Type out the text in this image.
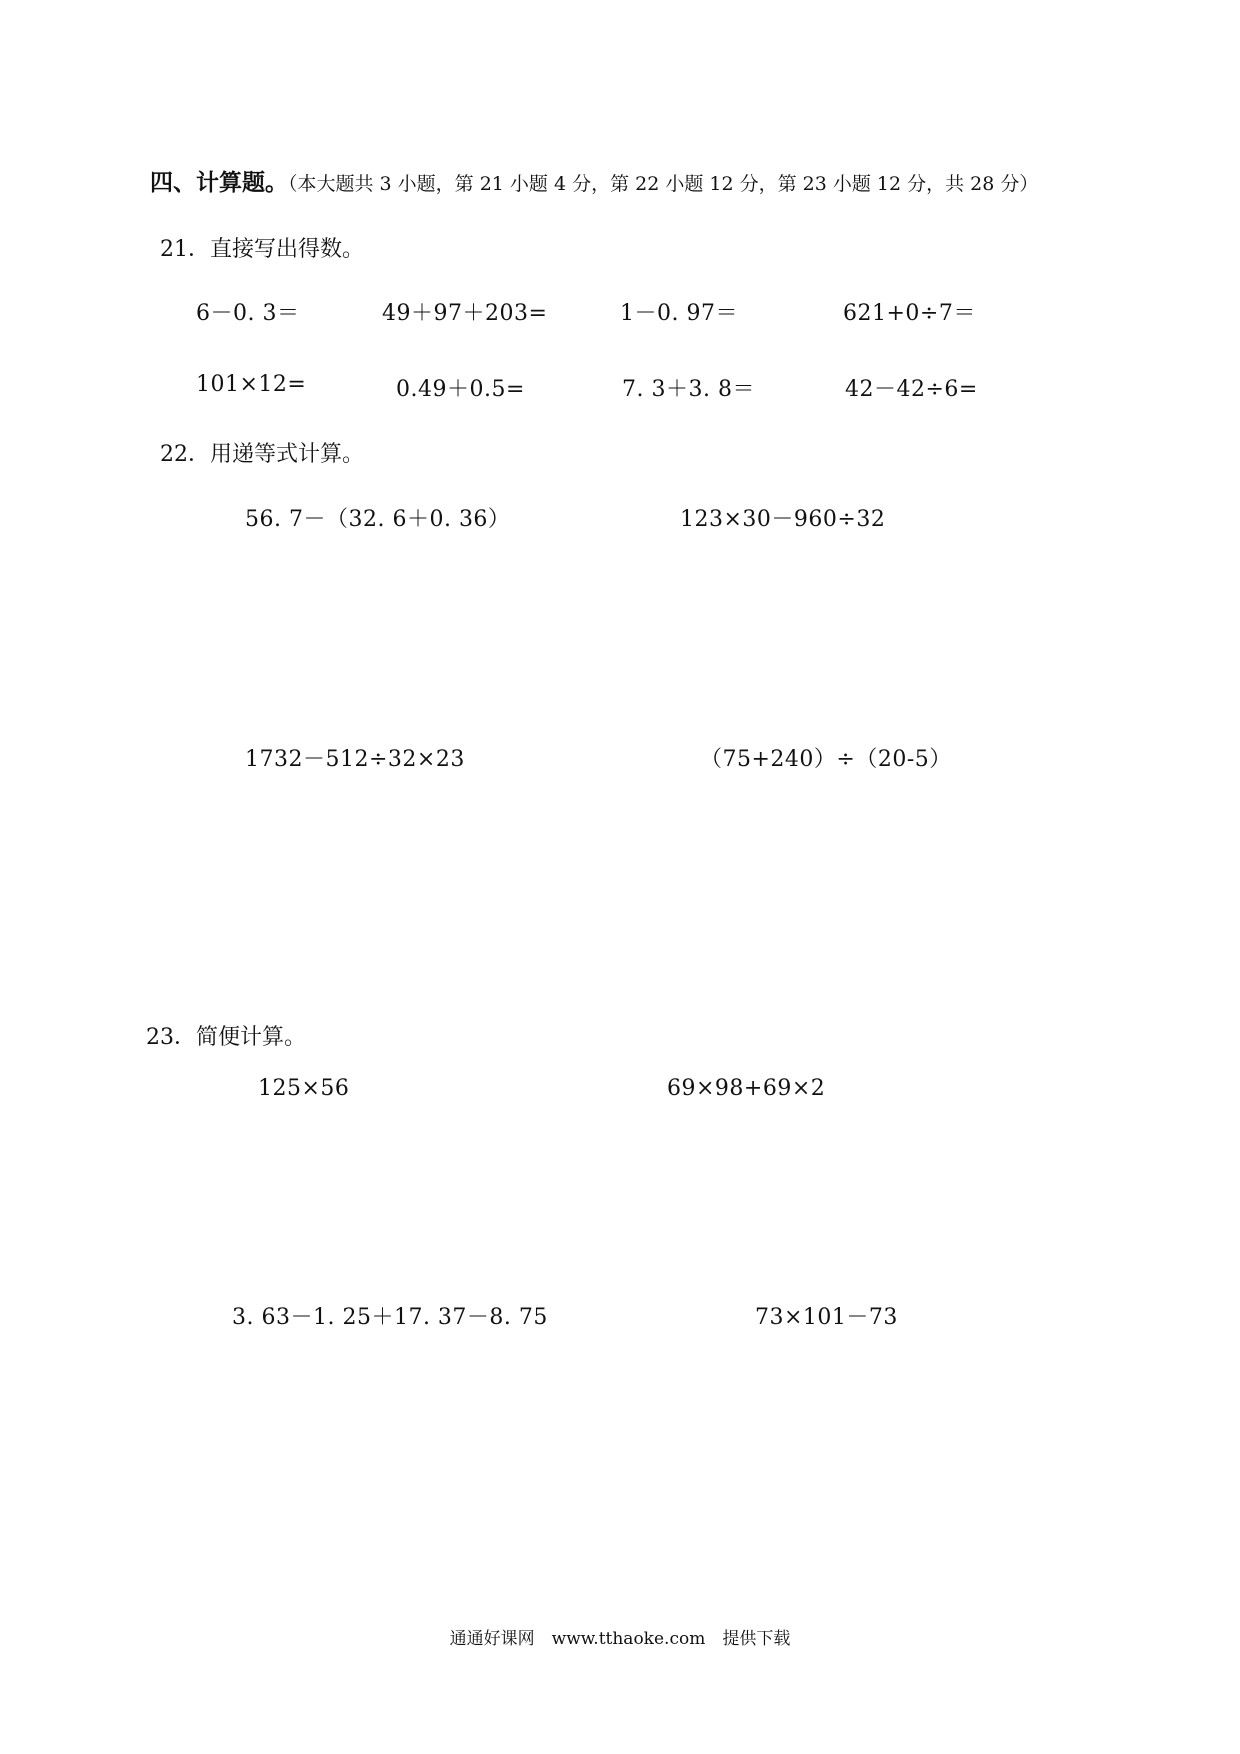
四、计算题。（本大题共 3 小题，第 21 小题 4 分，第 22 小题 12 分，第 23 小题 12 分，共 28 分）
21．直接写出得数。
6－0. 3＝	49＋97＋203=	1－0. 97＝	621+0÷7＝
101×12=	0.49＋0.5=	7. 3＋3. 8＝	42－42÷6=
22．用递等式计算。
56. 7－（32. 6＋0. 36）	123×30－960÷32
1732－512÷32×23	（75+240）÷（20-5）
23．简便计算。
125×56	69×98+69×2
3. 63－1. 25＋17. 37－8. 75	73×101－73
通通好课网　www.tthaoke.com　提供下载
